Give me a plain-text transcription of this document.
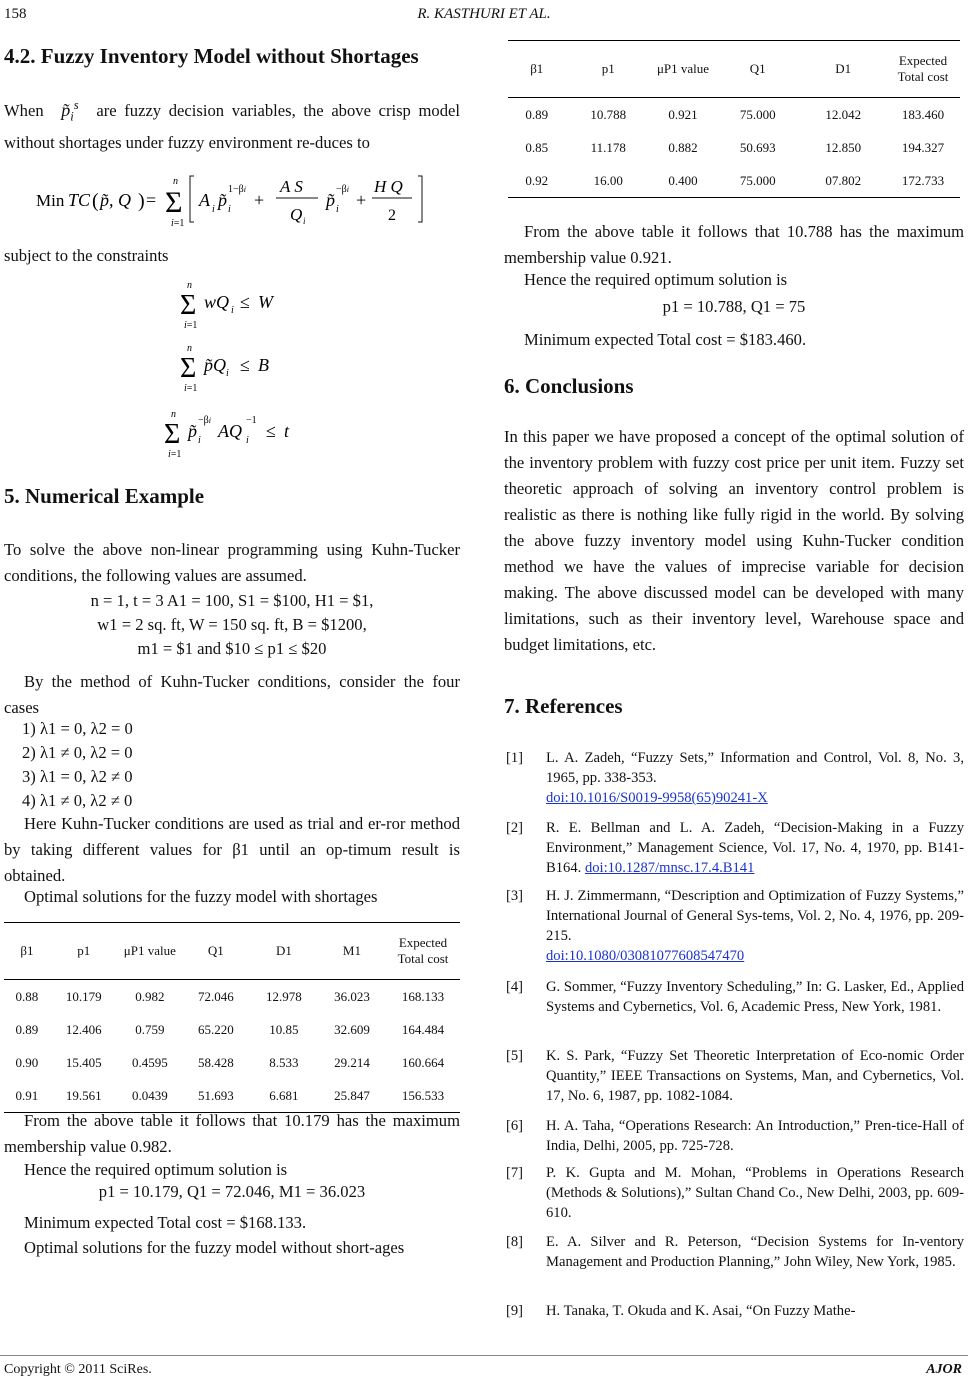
158	R. KASTHURI ET AL.
4.2. Fuzzy Inventory Model without Shortages
When $p̃_i^s$ are fuzzy decision variables, the above crisp model without shortages under fuzzy environment re-duces to
Min TC ( p̃, Q ) = Σ
n
i=1
A i p̃ i
1−βi
+
A S
Q i
p̃ i
−βi
+
H Q
2
subject to the constraints
Σ
n
i=1
wQ i ≤ W
Σ
n
i=1
p̃Q i ≤ B
Σ
n
i=1
p̃ i
−βi
AQ i
−1
≤ t
5. Numerical Example
To solve the above non-linear programming using Kuhn-Tucker conditions, the following values are assumed.
n = 1, t = 3 A1 = 100, S1 = $100, H1 = $1,
w1 = 2 sq. ft, W = 150 sq. ft, B = $1200,
m1 = $1 and $10 ≤ p1 ≤ $20
By the method of Kuhn-Tucker conditions, consider the four cases
1) λ1 = 0, λ2 = 0
2) λ1 ≠ 0, λ2 = 0
3) λ1 = 0, λ2 ≠ 0
4) λ1 ≠ 0, λ2 ≠ 0
Here Kuhn-Tucker conditions are used as trial and er-ror method by taking different values for β1 until an op-timum result is obtained.
Optimal solutions for the fuzzy model with shortages
β1	p1	μP1 value	Q1	D1	M1	Expected Total cost
0.88	10.179	0.982	72.046	12.978	36.023	168.133
0.89	12.406	0.759	65.220	10.85	32.609	164.484
0.90	15.405	0.4595	58.428	8.533	29.214	160.664
0.91	19.561	0.0439	51.693	6.681	25.847	156.533
From the above table it follows that 10.179 has the maximum membership value 0.982.
Hence the required optimum solution is
p1 = 10.179, Q1 = 72.046, M1 = 36.023
Minimum expected Total cost = $168.133.
Optimal solutions for the fuzzy model without short-ages
β1	p1	μP1 value	Q1	D1	Expected Total cost
0.89	10.788	0.921	75.000	12.042	183.460
0.85	11.178	0.882	50.693	12.850	194.327
0.92	16.00	0.400	75.000	07.802	172.733
From the above table it follows that 10.788 has the maximum membership value 0.921.
Hence the required optimum solution is
p1 = 10.788, Q1 = 75
Minimum expected Total cost = $183.460.
6. Conclusions
In this paper we have proposed a concept of the optimal solution of the inventory problem with fuzzy cost price per unit item. Fuzzy set theoretic approach of solving an inventory control problem is realistic as there is nothing like fully rigid in the world. By solving the above fuzzy inventory model using Kuhn-Tucker condition method we have the values of imprecise variable for decision making. The above discussed model can be developed with many limitations, such as their inventory level, Warehouse space and budget limitations, etc.
7. References
[1] L. A. Zadeh, “Fuzzy Sets,” Information and Control, Vol. 8, No. 3, 1965, pp. 338-353.
doi:10.1016/S0019-9958(65)90241-X
[2] R. E. Bellman and L. A. Zadeh, “Decision-Making in a Fuzzy Environment,” Management Science, Vol. 17, No. 4, 1970, pp. B141-B164. doi:10.1287/mnsc.17.4.B141
[3] H. J. Zimmermann, “Description and Optimization of Fuzzy Systems,” International Journal of General Sys-tems, Vol. 2, No. 4, 1976, pp. 209-215.
doi:10.1080/03081077608547470
[4] G. Sommer, “Fuzzy Inventory Scheduling,” In: G. Lasker, Ed., Applied Systems and Cybernetics, Vol. 6, Academic Press, New York, 1981.
[5] K. S. Park, “Fuzzy Set Theoretic Interpretation of Eco-nomic Order Quantity,” IEEE Transactions on Systems, Man, and Cybernetics, Vol. 17, No. 6, 1987, pp. 1082-1084.
[6] H. A. Taha, “Operations Research: An Introduction,” Pren-tice-Hall of India, Delhi, 2005, pp. 725-728.
[7] P. K. Gupta and M. Mohan, “Problems in Operations Research (Methods & Solutions),” Sultan Chand Co., New Delhi, 2003, pp. 609-610.
[8] E. A. Silver and R. Peterson, “Decision Systems for In-ventory Management and Production Planning,” John Wiley, New York, 1985.
[9] H. Tanaka, T. Okuda and K. Asai, “On Fuzzy Mathe-
Copyright © 2011 SciRes.	AJOR
